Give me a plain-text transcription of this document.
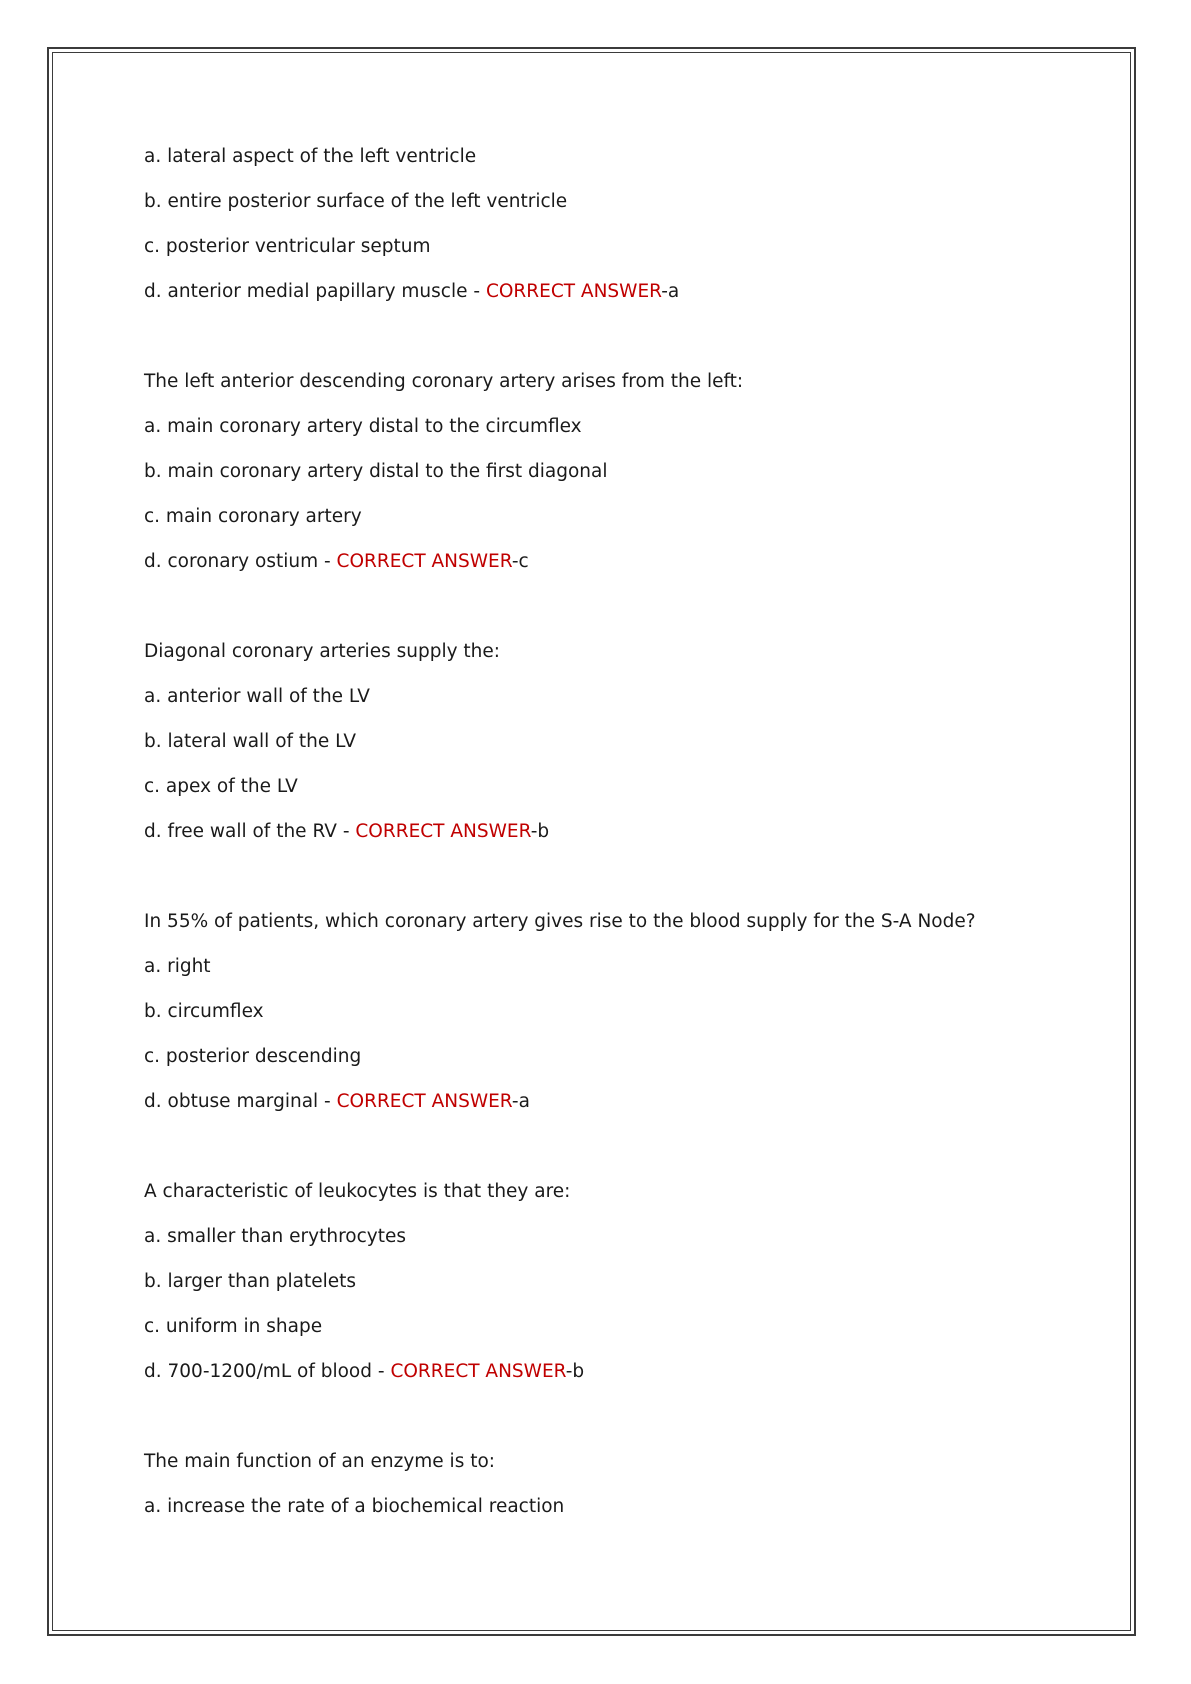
a. lateral aspect of the left ventricle
b. entire posterior surface of the left ventricle
c. posterior ventricular septum
d. anterior medial papillary muscle - CORRECT ANSWER-a
The left anterior descending coronary artery arises from the left:
a. main coronary artery distal to the circumflex
b. main coronary artery distal to the first diagonal
c. main coronary artery
d. coronary ostium - CORRECT ANSWER-c
Diagonal coronary arteries supply the:
a. anterior wall of the LV
b. lateral wall of the LV
c. apex of the LV
d. free wall of the RV - CORRECT ANSWER-b
In 55% of patients, which coronary artery gives rise to the blood supply for the S-A Node?
a. right
b. circumflex
c. posterior descending
d. obtuse marginal - CORRECT ANSWER-a
A characteristic of leukocytes is that they are:
a. smaller than erythrocytes
b. larger than platelets
c. uniform in shape
d. 700-1200/mL of blood - CORRECT ANSWER-b
The main function of an enzyme is to:
a. increase the rate of a biochemical reaction
